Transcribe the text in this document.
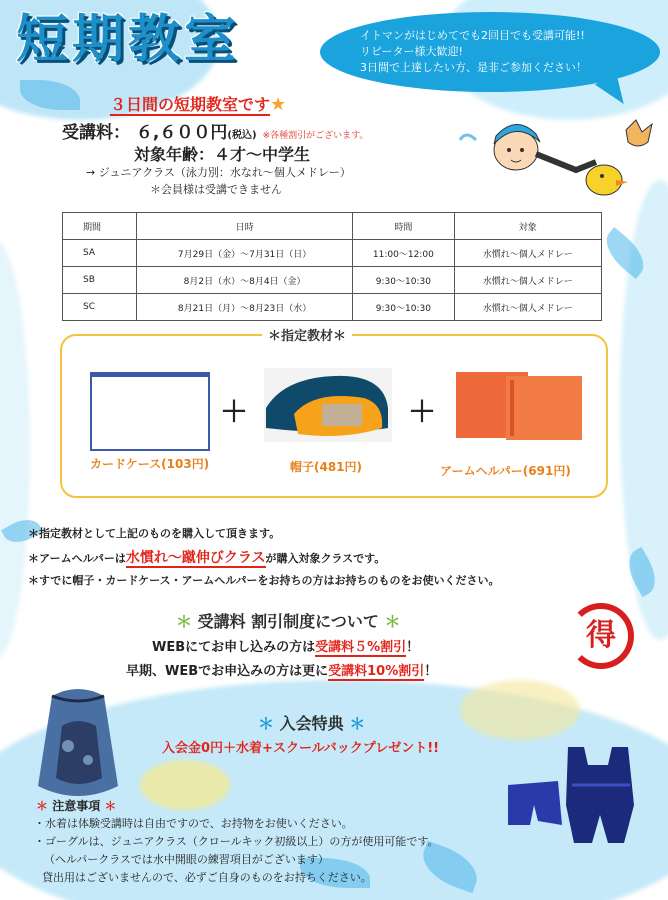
短期教室	イトマンがはじめてでも2回目でも受講可能!!
リピーター様大歓迎!
3日間で上達したい方、是非ご参加ください！
３日間の短期教室です★
受講料： ６,６００円(税込) ※各種割引がございます。
対象年齢：４才～中学生
→ ジュニアクラス（泳力別：水なれ～個人メドレー）
＊会員様は受講できません
期間	日時	時間	対象
SA	7月29日（金）～7月31日（日）	11:00～12:00	水慣れ～個人メドレー
SB	8月2日（水）～8月4日（金）	9:30～10:30	水慣れ～個人メドレー
SC	8月21日（月）～8月23日（水）	9:30～10:30	水慣れ～個人メドレー
＊指定教材＊
＋	＋
カードケース(103円)	帽子(481円)	アームヘルパー(691円)
＊指定教材として上記のものを購入して頂きます。
＊アームヘルパーは水慣れ～蹴伸びクラスが購入対象クラスです。
＊すでに帽子・カードケース・アームヘルパーをお持ちの方はお持ちのものをお使いください。
＊ 受講料 割引制度について ＊
WEBにてお申し込みの方は受講料５%割引！
早期、WEBでお申込みの方は更に受講料10%割引！
得
＊ 入会特典 ＊
入会金0円＋水着+スクールバックプレゼント!!
＊ 注意事項 ＊
・水着は体験受講時は自由ですので、お持物をお使いください。
・ゴーグルは、ジュニアクラス（クロールキック初級以上）の方が使用可能です。
（ヘルパークラスでは水中開眼の練習項目がございます）
貸出用はございませんので、必ずご自身のものをお持ちください。
